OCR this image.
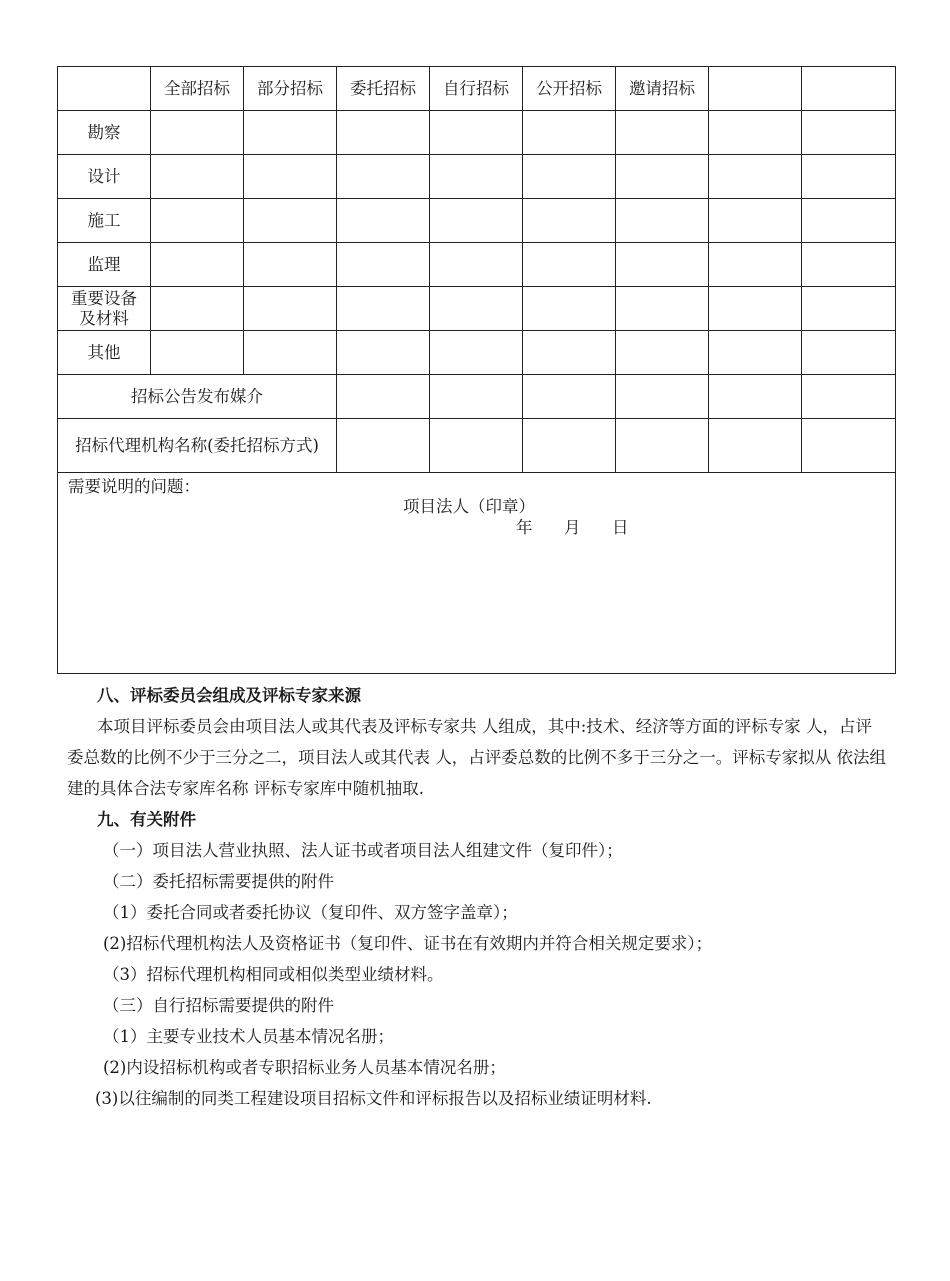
	全部招标	部分招标	委托招标	自行招标	公开招标	邀请招标		
勘察								
设计								
施工								
监理								
重要设备及材料								
其他								
招标公告发布媒介								
招标代理机构名称(委托招标方式)								

需要说明的问题：
项目法人（印章）
年 月 日								

八、评标委员会组成及评标专家来源

本项目评标委员会由项目法人或其代表及评标专家共 人组成，其中:技术、经济等方面的评标专家 人，占评委总数的比例不少于三分之二，项目法人或其代表 人，占评委总数的比例不多于三分之一。评标专家拟从 依法组建的具体合法专家库名称 评标专家库中随机抽取.

九、有关附件

（一）项目法人营业执照、法人证书或者项目法人组建文件（复印件）；

（二）委托招标需要提供的附件

（1）委托合同或者委托协议（复印件、双方签字盖章）；

(2)招标代理机构法人及资格证书（复印件、证书在有效期内并符合相关规定要求）；

（3）招标代理机构相同或相似类型业绩材料。

（三）自行招标需要提供的附件

（1）主要专业技术人员基本情况名册；

(2)内设招标机构或者专职招标业务人员基本情况名册；

(3)以往编制的同类工程建设项目招标文件和评标报告以及招标业绩证明材料.
